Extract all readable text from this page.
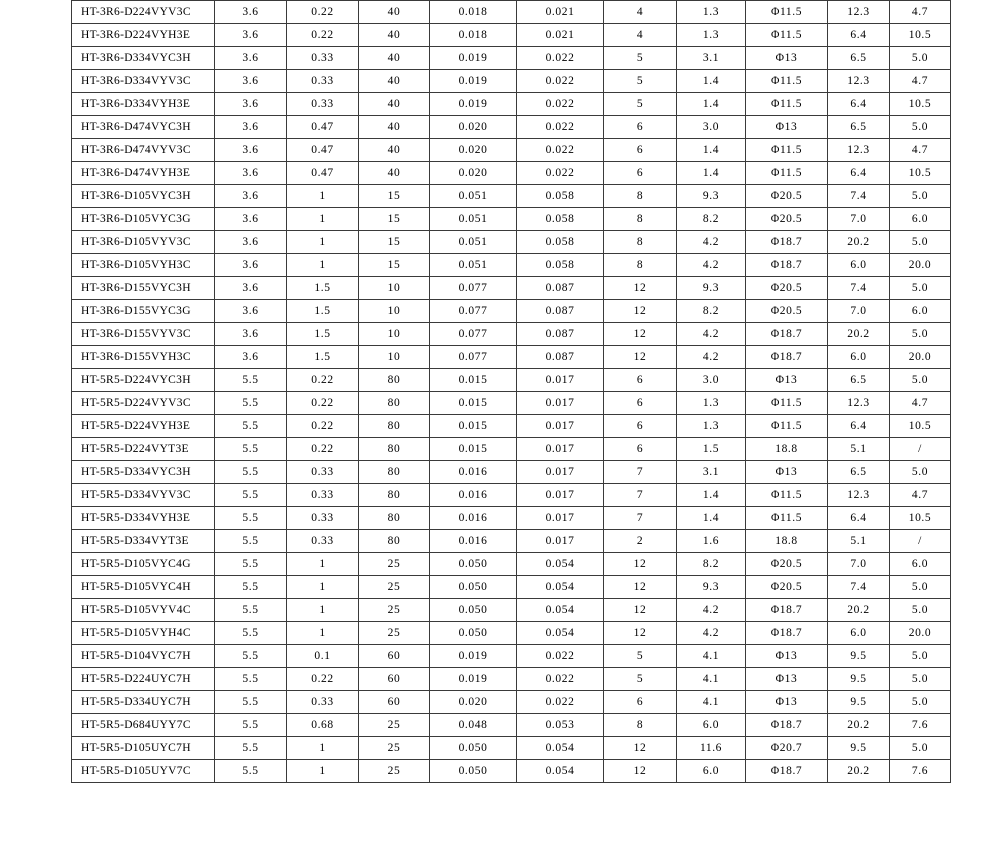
HT-3R6-D224VYV3C	3.6	0.22	40	0.018	0.021	4	1.3	Φ11.5	12.3	4.7
HT-3R6-D224VYH3E	3.6	0.22	40	0.018	0.021	4	1.3	Φ11.5	6.4	10.5
HT-3R6-D334VYC3H	3.6	0.33	40	0.019	0.022	5	3.1	Φ13	6.5	5.0
HT-3R6-D334VYV3C	3.6	0.33	40	0.019	0.022	5	1.4	Φ11.5	12.3	4.7
HT-3R6-D334VYH3E	3.6	0.33	40	0.019	0.022	5	1.4	Φ11.5	6.4	10.5
HT-3R6-D474VYC3H	3.6	0.47	40	0.020	0.022	6	3.0	Φ13	6.5	5.0
HT-3R6-D474VYV3C	3.6	0.47	40	0.020	0.022	6	1.4	Φ11.5	12.3	4.7
HT-3R6-D474VYH3E	3.6	0.47	40	0.020	0.022	6	1.4	Φ11.5	6.4	10.5
HT-3R6-D105VYC3H	3.6	1	15	0.051	0.058	8	9.3	Φ20.5	7.4	5.0
HT-3R6-D105VYC3G	3.6	1	15	0.051	0.058	8	8.2	Φ20.5	7.0	6.0
HT-3R6-D105VYV3C	3.6	1	15	0.051	0.058	8	4.2	Φ18.7	20.2	5.0
HT-3R6-D105VYH3C	3.6	1	15	0.051	0.058	8	4.2	Φ18.7	6.0	20.0
HT-3R6-D155VYC3H	3.6	1.5	10	0.077	0.087	12	9.3	Φ20.5	7.4	5.0
HT-3R6-D155VYC3G	3.6	1.5	10	0.077	0.087	12	8.2	Φ20.5	7.0	6.0
HT-3R6-D155VYV3C	3.6	1.5	10	0.077	0.087	12	4.2	Φ18.7	20.2	5.0
HT-3R6-D155VYH3C	3.6	1.5	10	0.077	0.087	12	4.2	Φ18.7	6.0	20.0
HT-5R5-D224VYC3H	5.5	0.22	80	0.015	0.017	6	3.0	Φ13	6.5	5.0
HT-5R5-D224VYV3C	5.5	0.22	80	0.015	0.017	6	1.3	Φ11.5	12.3	4.7
HT-5R5-D224VYH3E	5.5	0.22	80	0.015	0.017	6	1.3	Φ11.5	6.4	10.5
HT-5R5-D224VYT3E	5.5	0.22	80	0.015	0.017	6	1.5	18.8	5.1	/
HT-5R5-D334VYC3H	5.5	0.33	80	0.016	0.017	7	3.1	Φ13	6.5	5.0
HT-5R5-D334VYV3C	5.5	0.33	80	0.016	0.017	7	1.4	Φ11.5	12.3	4.7
HT-5R5-D334VYH3E	5.5	0.33	80	0.016	0.017	7	1.4	Φ11.5	6.4	10.5
HT-5R5-D334VYT3E	5.5	0.33	80	0.016	0.017	2	1.6	18.8	5.1	/
HT-5R5-D105VYC4G	5.5	1	25	0.050	0.054	12	8.2	Φ20.5	7.0	6.0
HT-5R5-D105VYC4H	5.5	1	25	0.050	0.054	12	9.3	Φ20.5	7.4	5.0
HT-5R5-D105VYV4C	5.5	1	25	0.050	0.054	12	4.2	Φ18.7	20.2	5.0
HT-5R5-D105VYH4C	5.5	1	25	0.050	0.054	12	4.2	Φ18.7	6.0	20.0
HT-5R5-D104VYC7H	5.5	0.1	60	0.019	0.022	5	4.1	Φ13	9.5	5.0
HT-5R5-D224UYC7H	5.5	0.22	60	0.019	0.022	5	4.1	Φ13	9.5	5.0
HT-5R5-D334UYC7H	5.5	0.33	60	0.020	0.022	6	4.1	Φ13	9.5	5.0
HT-5R5-D684UYY7C	5.5	0.68	25	0.048	0.053	8	6.0	Φ18.7	20.2	7.6
HT-5R5-D105UYC7H	5.5	1	25	0.050	0.054	12	11.6	Φ20.7	9.5	5.0
HT-5R5-D105UYV7C	5.5	1	25	0.050	0.054	12	6.0	Φ18.7	20.2	7.6
